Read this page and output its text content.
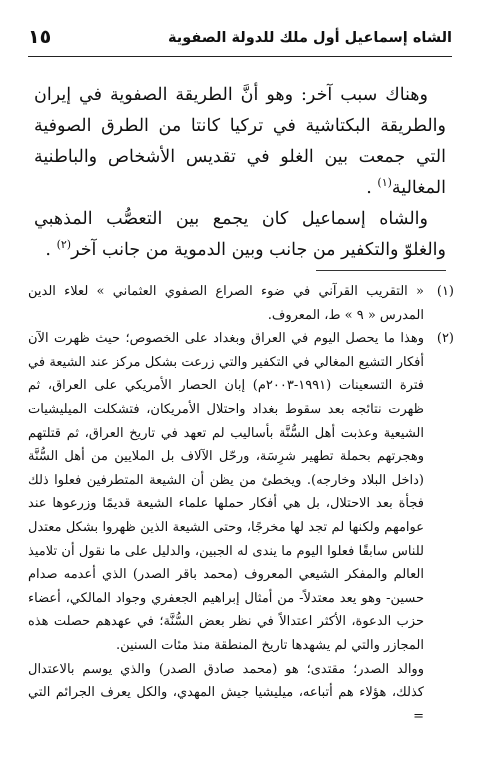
١٥	الشاه إسماعيل أول ملك للدولة الصفوية

وهناك سبب آخر: وهو أنَّ الطريقة الصفوية في إيران والطريقة البكتاشية في تركيا كانتا من الطرق الصوفية التي جمعت بين الغلو في تقديس الأشخاص والباطنية المغالية$^{(١)}$ .

والشاه إسماعيل كان يجمع بين التعصُّب المذهبي والغلوّ والتكفير من جانب وبين الدموية من جانب آخر$^{(٢)}$ .

(١)
« التقريب القرآني في ضوء الصراع الصفوي العثماني » لعلاء الدين المدرس « ٩ » ط، المعروف.

(٢)
وهذا ما يحصل اليوم في العراق وبغداد على الخصوص؛ حيث ظهرت الآن أفكار التشيع المغالي في التكفير والتي زرعت بشكل مركز عند الشيعة في فترة التسعينات (١٩٩١-٢٠٠٣م) إبان الحصار الأمريكي على العراق، ثم ظهرت نتائجه بعد سقوط بغداد واحتلال الأمريكان، فتشكلت الميليشيات الشيعية وعذبت أهل السُّنَّة بأساليب لم تعهد في تاريخ العراق، ثم قتلتهم وهجرتهم بحملة تطهير شرِسَة، ورحّل الآلاف بل الملايين من أهل السُّنَّة (داخل البلاد وخارجه). ويخطئ من يظن أن الشيعة المتطرفين فعلوا ذلك فجأة بعد الاحتلال، بل هي أفكار حملها علماء الشيعة قديمًا وزرعوها عند عوامهم ولكنها لم تجد لها مخرجًا، وحتى الشيعة الذين ظهروا بشكل معتدل للناس سابقًا فعلوا اليوم ما يندى له الجبين، والدليل على ما نقول أن تلاميذ العالم والمفكر الشيعي المعروف (محمد باقر الصدر) الذي أعدمه صدام حسين- وهو يعد معتدلاً- من أمثال إبراهيم الجعفري وجواد المالكي، أعضاء حزب الدعوة، الأكثر اعتدالاً في نظر بعض السُّنَّة؛ في عهدهم حصلت هذه المجازر والتي لم يشهدها تاريخ المنطقة منذ مئات السنين.

ووالد الصدر؛ مقتدى؛ هو (محمد صادق الصدر) والذي يوسم بالاعتدال كذلك، هؤلاء هم أتباعه، ميليشيا جيش المهدي، والكل يعرف الجرائم التي =
